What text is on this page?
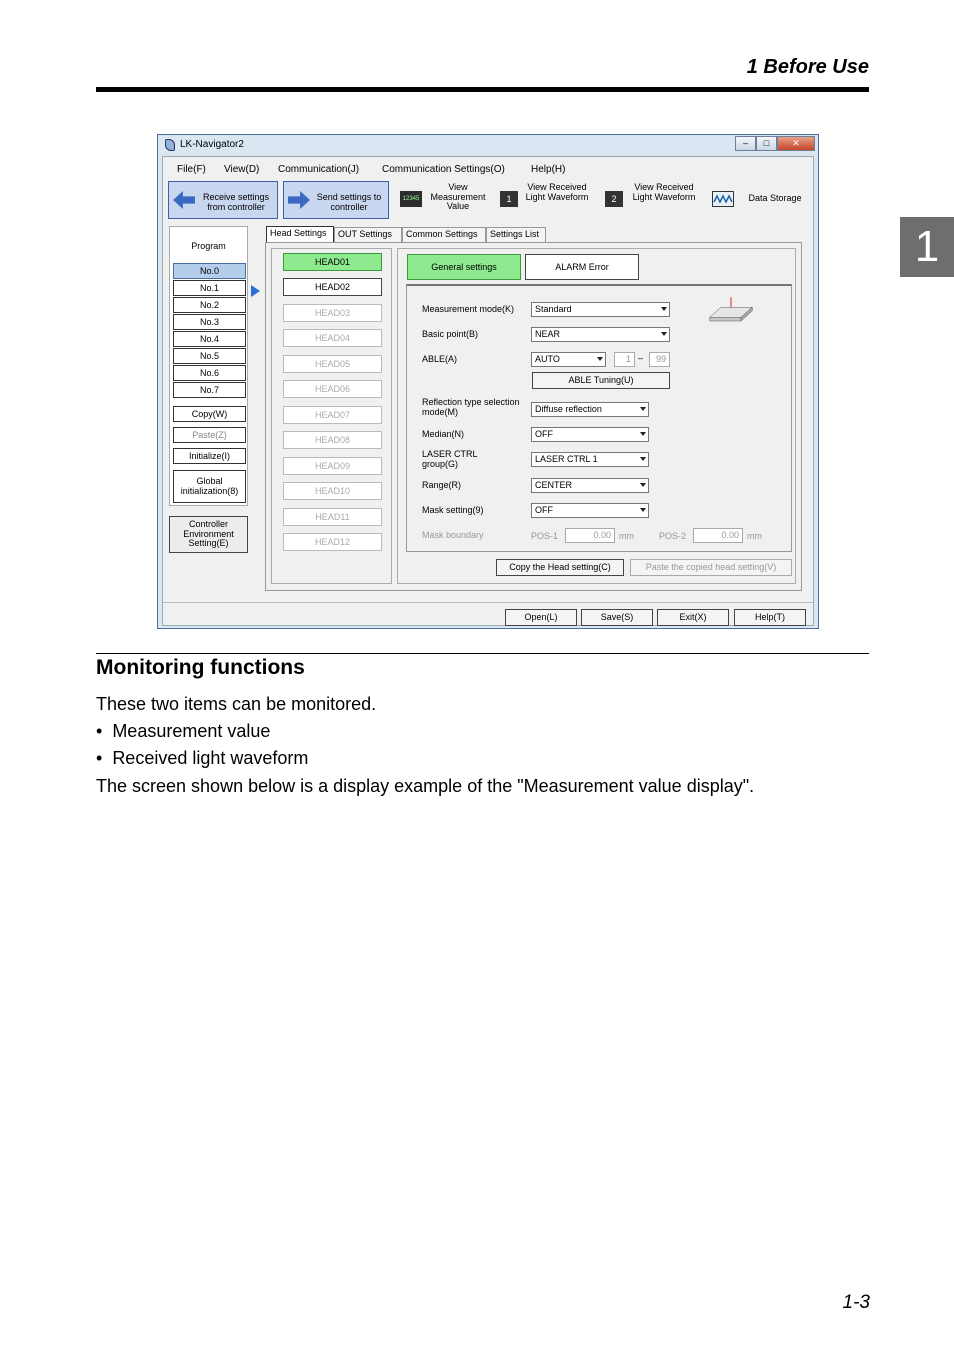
1 Before Use
1
LK-Navigator2	–	□	✕
File(F) View(D) Communication(J) Communication Settings(O)	Help(H)
Receive settings from controller
Send settings to controller
12345
View Measurement Value
1
View Received Light Waveform	2
View Received Light Waveform	Data Storage
Program
No.0
No.1
No.2
No.3
No.4
No.5
No.6
No.7
Copy(W)
Paste(Z)
Initialize(I)
Global initialization(8)
Controller Environment Setting(E)
Head Settings	OUT Settings	Common Settings	Settings List
HEAD01
HEAD02
HEAD03
HEAD04
HEAD05
HEAD06
HEAD07
HEAD08
HEAD09
HEAD10
HEAD11
HEAD12
General settings	ALARM Error
Measurement mode(K)	Standard
Basic point(B)	NEAR
ABLE(A)	AUTO	1 –	99
ABLE Tuning(U)
Reflection type selection mode(M)	Diffuse reflection
Median(N)	OFF
LASER CTRL group(G)	LASER CTRL 1
Range(R)	CENTER
Mask setting(9)	OFF
Mask boundary	POS-1	0.00 mm	POS-2	0.00 mm
Copy the Head setting(C)	Paste the copied head setting(V)
Open(L)	Save(S)	Exit(X)	Help(T)
Monitoring functions
These two items can be monitored.
•  Measurement value
•  Received light waveform
The screen shown below is a display example of the "Measurement value display".
1-3
